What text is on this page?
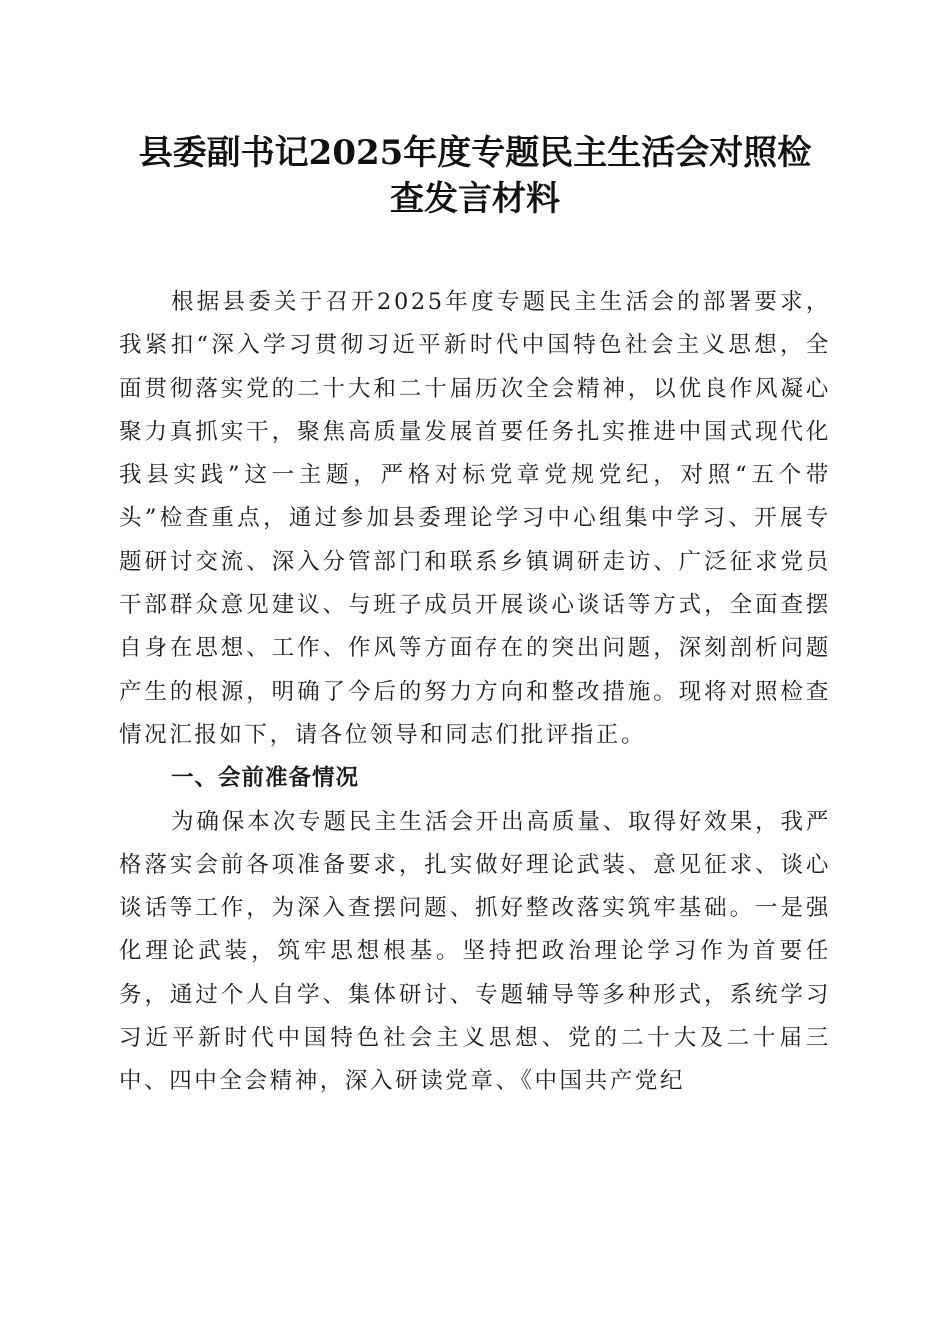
县委副书记2025年度专题民主生活会对照检
查发言材料

根据县委关于召开2025年度专题民主生活会的部署要求，我紧扣“深入学习贯彻习近平新时代中国特色社会主义思想，全面贯彻落实党的二十大和二十届历次全会精神，以优良作风凝心聚力真抓实干，聚焦高质量发展首要任务扎实推进中国式现代化我县实践”这一主题，严格对标党章党规党纪，对照“五个带头”检查重点，通过参加县委理论学习中心组集中学习、开展专题研讨交流、深入分管部门和联系乡镇调研走访、广泛征求党员干部群众意见建议、与班子成员开展谈心谈话等方式，全面查摆自身在思想、工作、作风等方面存在的突出问题，深刻剖析问题产生的根源，明确了今后的努力方向和整改措施。现将对照检查情况汇报如下，请各位领导和同志们批评指正。

一、会前准备情况

为确保本次专题民主生活会开出高质量、取得好效果，我严格落实会前各项准备要求，扎实做好理论武装、意见征求、谈心谈话等工作，为深入查摆问题、抓好整改落实筑牢基础。一是强化理论武装，筑牢思想根基。坚持把政治理论学习作为首要任务，通过个人自学、集体研讨、专题辅导等多种形式，系统学习习近平新时代中国特色社会主义思想、党的二十大及二十届三中、四中全会精神，深入研读党章、《中国共产党纪
